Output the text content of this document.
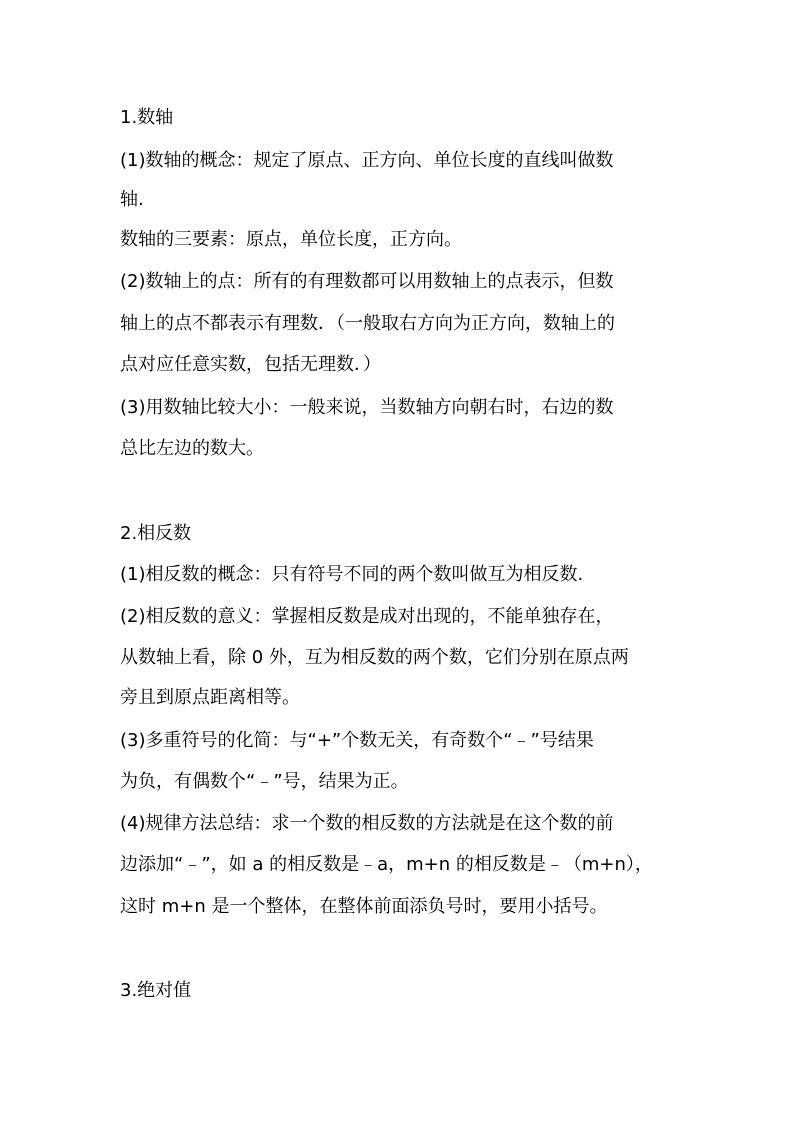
1.数轴
(1)数轴的概念：规定了原点、正方向、单位长度的直线叫做数
轴.
数轴的三要素：原点，单位长度，正方向。
(2)数轴上的点：所有的有理数都可以用数轴上的点表示，但数
轴上的点不都表示有理数．（一般取右方向为正方向，数轴上的
点对应任意实数，包括无理数．）
(3)用数轴比较大小：一般来说，当数轴方向朝右时，右边的数
总比左边的数大。
2.相反数
(1)相反数的概念：只有符号不同的两个数叫做互为相反数.
(2)相反数的意义：掌握相反数是成对出现的，不能单独存在，
从数轴上看，除 0 外，互为相反数的两个数，它们分别在原点两
旁且到原点距离相等。
(3)多重符号的化简：与“+”个数无关，有奇数个“﹣”号结果
为负，有偶数个“﹣”号，结果为正。
(4)规律方法总结：求一个数的相反数的方法就是在这个数的前
边添加“﹣”，如 a 的相反数是﹣a，m+n 的相反数是﹣（m+n），
这时 m+n 是一个整体，在整体前面添负号时，要用小括号。
3.绝对值
